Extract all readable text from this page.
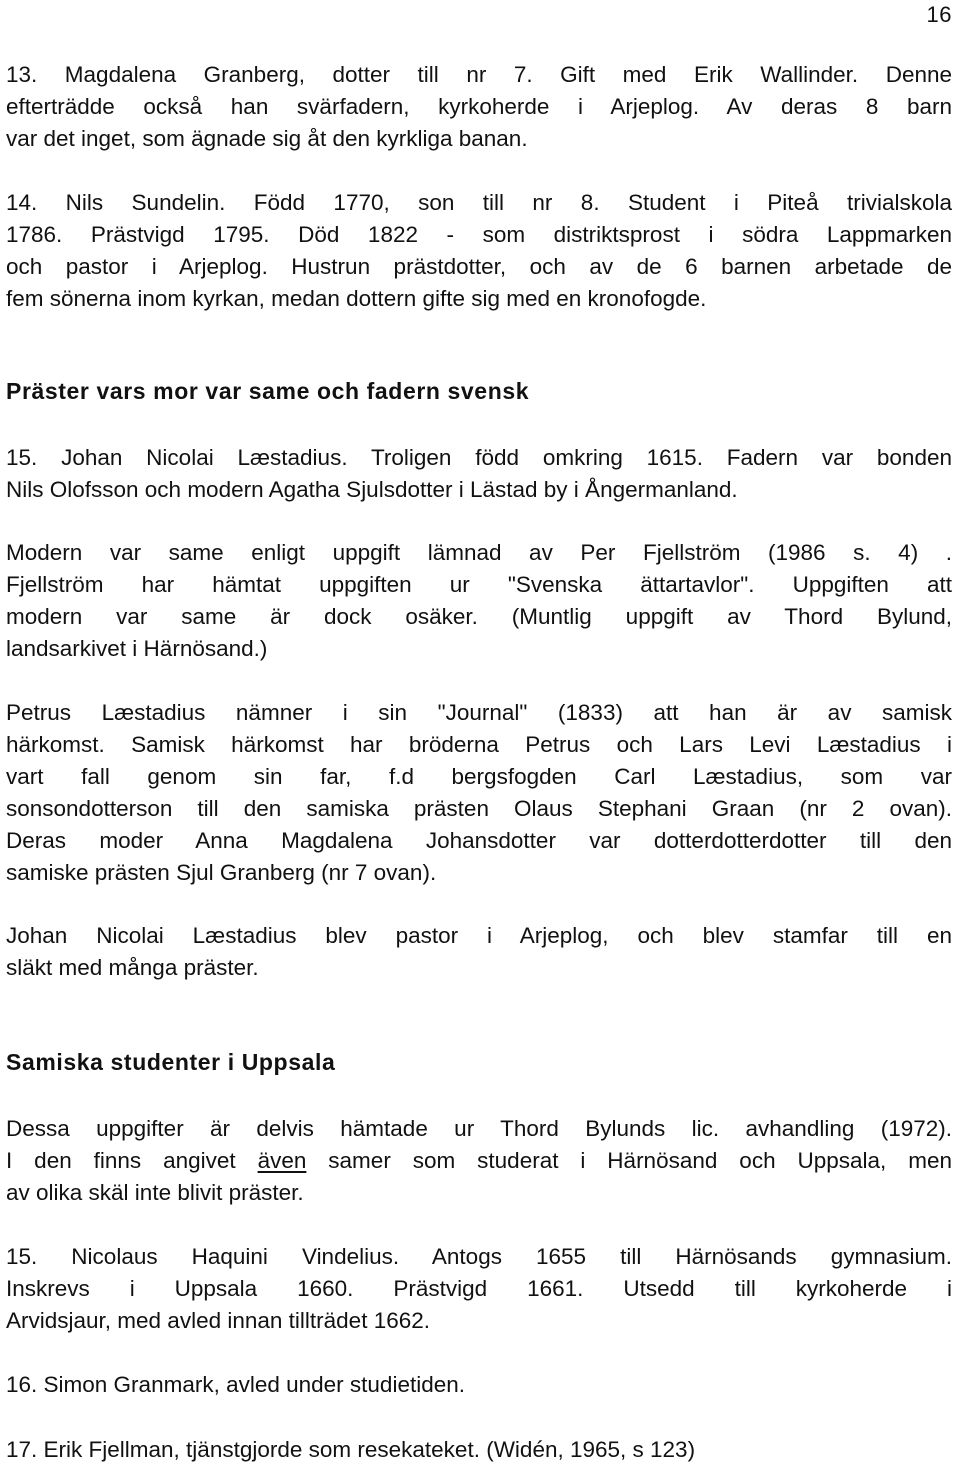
16
13. Magdalena Granberg, dotter till nr 7. Gift med Erik Wallinder. Denne
efterträdde också han svärfadern, kyrkoherde i Arjeplog. Av deras 8 barn
var det inget, som ägnade sig åt den kyrkliga banan.
14. Nils Sundelin. Född 1770, son till nr 8. Student i Piteå trivialskola
1786. Prästvigd 1795. Död 1822 - som distriktsprost i södra Lappmarken
och pastor i Arjeplog. Hustrun prästdotter, och av de 6 barnen arbetade de
fem sönerna inom kyrkan, medan dottern gifte sig med en kronofogde.
Präster vars mor var same och fadern svensk
15. Johan Nicolai Læstadius. Troligen född omkring 1615. Fadern var bonden
Nils Olofsson och modern Agatha Sjulsdotter i Lästad by i Ångermanland.
Modern var same enligt uppgift lämnad av Per Fjellström (1986 s. 4) .
Fjellström har hämtat uppgiften ur "Svenska ättartavlor". Uppgiften att
modern var same är dock osäker. (Muntlig uppgift av Thord Bylund,
landsarkivet i Härnösand.)
Petrus Læstadius nämner i sin "Journal" (1833) att han är av samisk
härkomst. Samisk härkomst har bröderna Petrus och Lars Levi Læstadius i
vart fall genom sin far, f.d bergsfogden Carl Læstadius, som var
sonsondotterson till den samiska prästen Olaus Stephani Graan (nr 2 ovan).
Deras moder Anna Magdalena Johansdotter var dotterdotterdotter till den
samiske prästen Sjul Granberg (nr 7 ovan).
Johan Nicolai Læstadius blev pastor i Arjeplog, och blev stamfar till en
släkt med många präster.
Samiska studenter i Uppsala
Dessa uppgifter är delvis hämtade ur Thord Bylunds lic. avhandling (1972).
I den finns angivet även samer som studerat i Härnösand och Uppsala, men
av olika skäl inte blivit präster.
15. Nicolaus Haquini Vindelius. Antogs 1655 till Härnösands gymnasium.
Inskrevs i Uppsala 1660. Prästvigd 1661. Utsedd till kyrkoherde i
Arvidsjaur, med avled innan tillträdet 1662.
16. Simon Granmark, avled under studietiden.
17. Erik Fjellman, tjänstgjorde som resekateket. (Widén, 1965, s 123)
